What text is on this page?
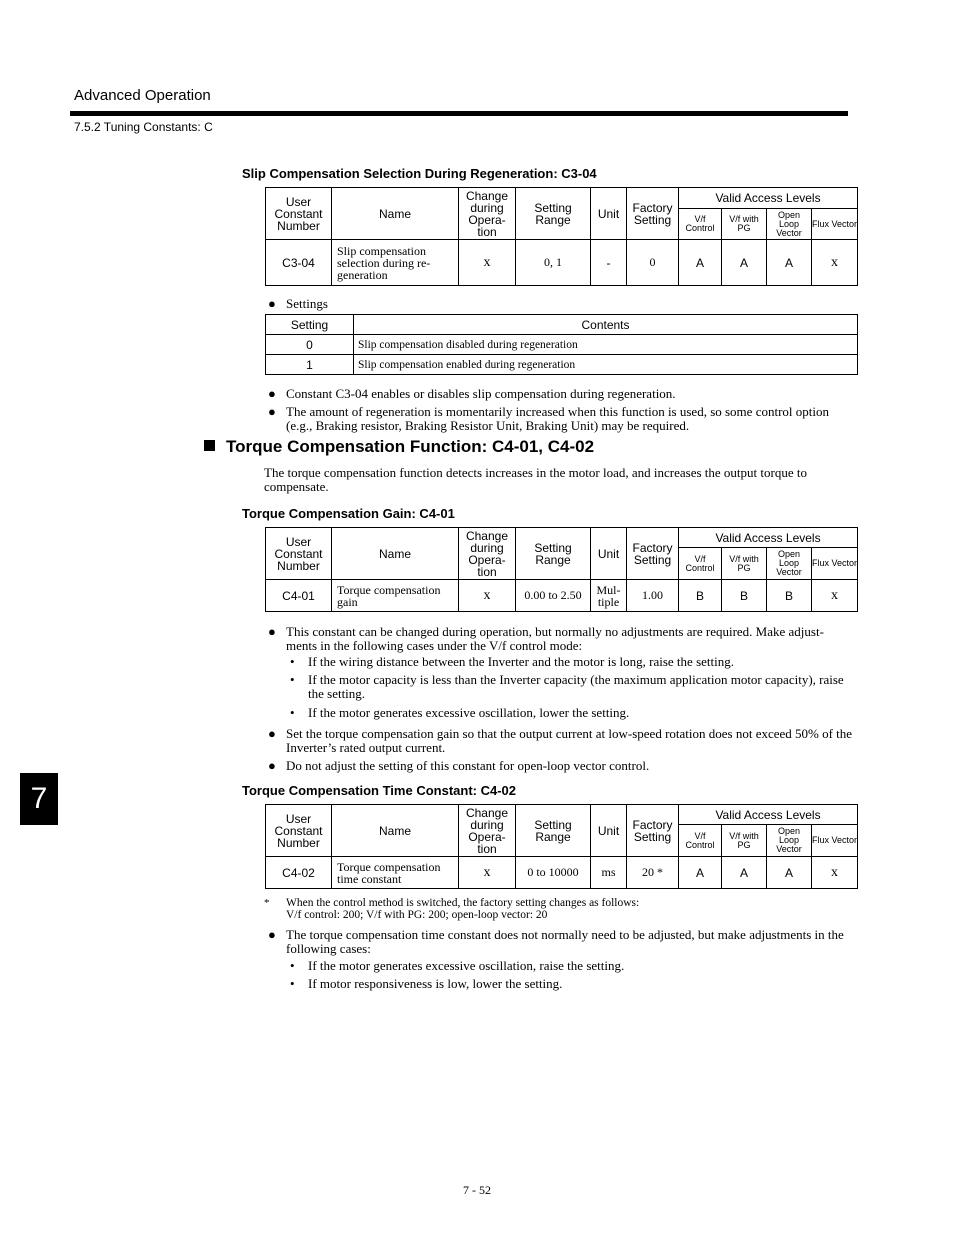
Advanced Operation
7.5.2 Tuning Constants: C
Slip Compensation Selection During Regeneration: C3-04
User Constant Number	Name	Change during Opera- tion	Setting Range	Unit	Factory Setting	Valid Access Levels			
						V/f Control	V/f with PG	Open Loop Vector	Flux Vector
C3-04	Slip compensation selection during re- generation	x	0, 1	-	0	A	A	A	x
● Settings
Setting	Contents
0	Slip compensation disabled during regeneration
1	Slip compensation enabled during regeneration
● Constant C3-04 enables or disables slip compensation during regeneration.
● The amount of regeneration is momentarily increased when this function is used, so some control option (e.g., Braking resistor, Braking Resistor Unit, Braking Unit) may be required.
Torque Compensation Function: C4-01, C4-02
The torque compensation function detects increases in the motor load, and increases the output torque to compensate.
Torque Compensation Gain: C4-01
User Constant Number	Name	Change during Opera- tion	Setting Range	Unit	Factory Setting	Valid Access Levels			
						V/f Control	V/f with PG	Open Loop Vector	Flux Vector
C4-01	Torque compensation gain	x	0.00 to 2.50	Mul- tiple	1.00	B	B	B	x
● This constant can be changed during operation, but normally no adjustments are required. Make adjust- ments in the following cases under the V/f control mode:
• If the wiring distance between the Inverter and the motor is long, raise the setting.
• If the motor capacity is less than the Inverter capacity (the maximum application motor capacity), raise the setting.
• If the motor generates excessive oscillation, lower the setting.
● Set the torque compensation gain so that the output current at low-speed rotation does not exceed 50% of the Inverter’s rated output current.
● Do not adjust the setting of this constant for open-loop vector control.
Torque Compensation Time Constant: C4-02
User Constant Number	Name	Change during Opera- tion	Setting Range	Unit	Factory Setting	Valid Access Levels			
						V/f Control	V/f with PG	Open Loop Vector	Flux Vector
C4-02	Torque compensation time constant	x	0 to 10000	ms	20 *	A	A	A	x
* When the control method is switched, the factory setting changes as follows:
V/f control: 200; V/f with PG: 200; open-loop vector: 20
● The torque compensation time constant does not normally need to be adjusted, but make adjustments in the following cases:
• If the motor generates excessive oscillation, raise the setting.
• If motor responsiveness is low, lower the setting.
7
7 - 52
